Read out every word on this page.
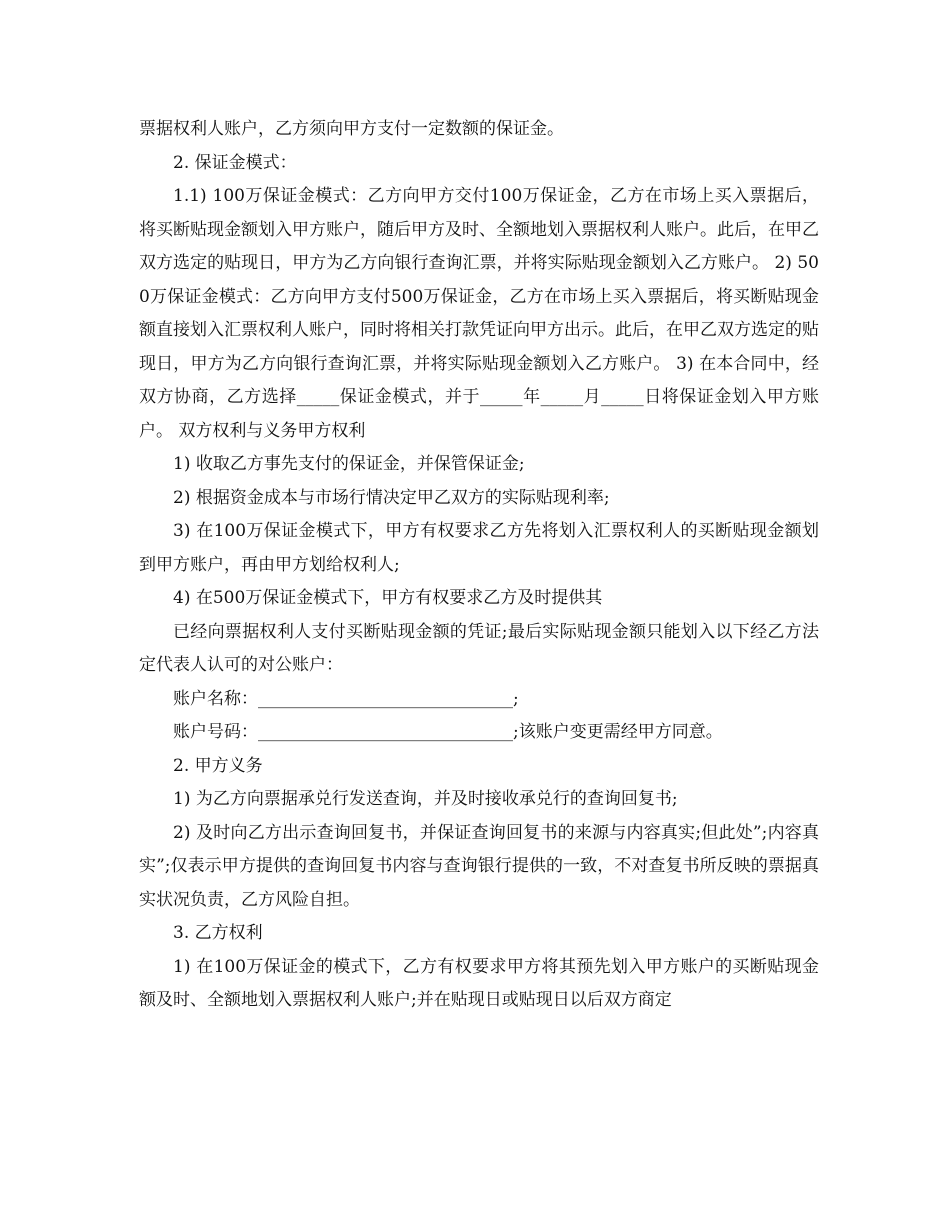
票据权利人账户，乙方须向甲方支付一定数额的保证金。

2. 保证金模式：

1.1) 100万保证金模式：乙方向甲方交付100万保证金，乙方在市场上买入票据后，将买断贴现金额划入甲方账户，随后甲方及时、全额地划入票据权利人账户。此后，在甲乙双方选定的贴现日，甲方为乙方向银行查询汇票，并将实际贴现金额划入乙方账户。 2) 500万保证金模式：乙方向甲方支付500万保证金，乙方在市场上买入票据后，将买断贴现金额直接划入汇票权利人账户，同时将相关打款凭证向甲方出示。此后，在甲乙双方选定的贴现日，甲方为乙方向银行查询汇票，并将实际贴现金额划入乙方账户。 3) 在本合同中，经双方协商，乙方选择_____保证金模式，并于_____年_____月_____日将保证金划入甲方账户。 双方权利与义务甲方权利

1) 收取乙方事先支付的保证金，并保管保证金;

2) 根据资金成本与市场行情决定甲乙双方的实际贴现利率;

3) 在100万保证金模式下，甲方有权要求乙方先将划入汇票权利人的买断贴现金额划到甲方账户，再由甲方划给权利人;

4) 在500万保证金模式下，甲方有权要求乙方及时提供其

已经向票据权利人支付买断贴现金额的凭证;最后实际贴现金额只能划入以下经乙方法定代表人认可的对公账户：

账户名称：______________________________;

账户号码：______________________________;该账户变更需经甲方同意。

2. 甲方义务

1) 为乙方向票据承兑行发送查询，并及时接收承兑行的查询回复书;

2) 及时向乙方出示查询回复书，并保证查询回复书的来源与内容真实;但此处”;内容真实”;仅表示甲方提供的查询回复书内容与查询银行提供的一致，不对查复书所反映的票据真实状况负责，乙方风险自担。

3. 乙方权利

1) 在100万保证金的模式下，乙方有权要求甲方将其预先划入甲方账户的买断贴现金额及时、全额地划入票据权利人账户;并在贴现日或贴现日以后双方商定
